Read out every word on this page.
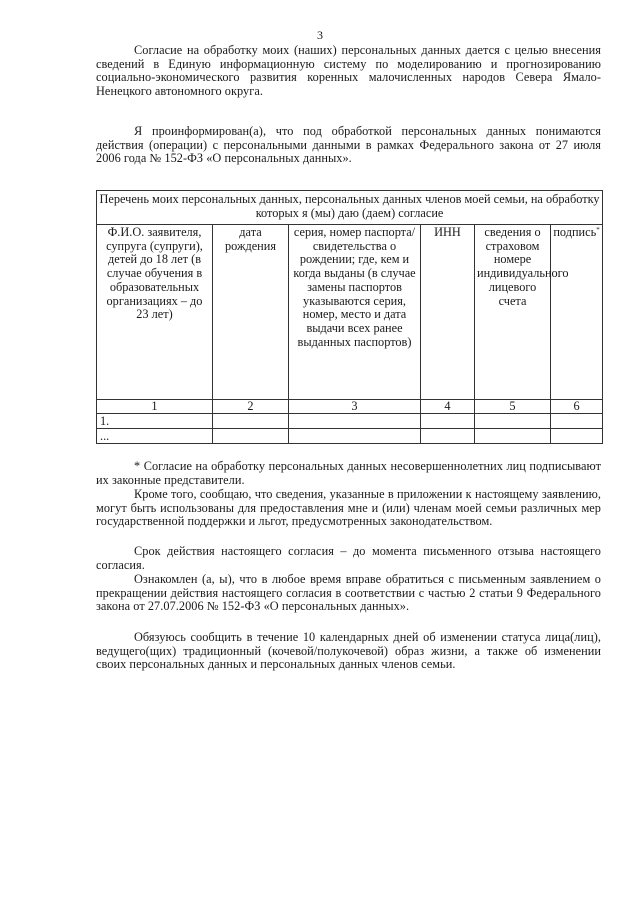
3

Согласие на обработку моих (наших) персональных данных дается с целью внесения сведений в Единую информационную систему по моделированию и прогнозированию социально-экономического развития коренных малочисленных народов Севера Ямало-Ненецкого автономного округа.

Я проинформирован(а), что под обработкой персональных данных понимаются действия (операции) с персональными данными в рамках Федерального закона от 27 июля 2006 года № 152-ФЗ «О персональных данных».

Перечень моих персональных данных, персональных данных членов моей семьи, на обработку которых я (мы) даю (даем) согласие					
Ф.И.О. заявителя, супруга (супруги), детей до 18 лет (в случае обучения в образовательных организациях – до 23 лет)	дата рождения	серия, номер паспорта/свидетельства о рождении; где, кем и когда выданы (в случае замены паспортов указываются серия, номер, место и дата выдачи всех ранее выданных паспортов)	ИНН	сведения о страховом номере индивидуального лицевого счета	подпись*
1	2	3	4	5	6
1.					
...					

* Согласие на обработку персональных данных несовершеннолетних лиц подписывают их законные представители.

Кроме того, сообщаю, что сведения, указанные в приложении к настоящему заявлению, могут быть использованы для предоставления мне и (или) членам моей семьи различных мер государственной поддержки и льгот, предусмотренных законодательством.

Срок действия настоящего согласия – до момента письменного отзыва настоящего согласия.

Ознакомлен (а, ы), что в любое время вправе обратиться с письменным заявлением о прекращении действия настоящего согласия в соответствии с частью 2 статьи 9 Федерального закона от 27.07.2006 № 152-ФЗ «О персональных данных».

Обязуюсь сообщить в течение 10 календарных дней об изменении статуса лица(лиц), ведущего(щих) традиционный (кочевой/полукочевой) образ жизни, а также об изменении своих персональных данных и персональных данных членов семьи.
